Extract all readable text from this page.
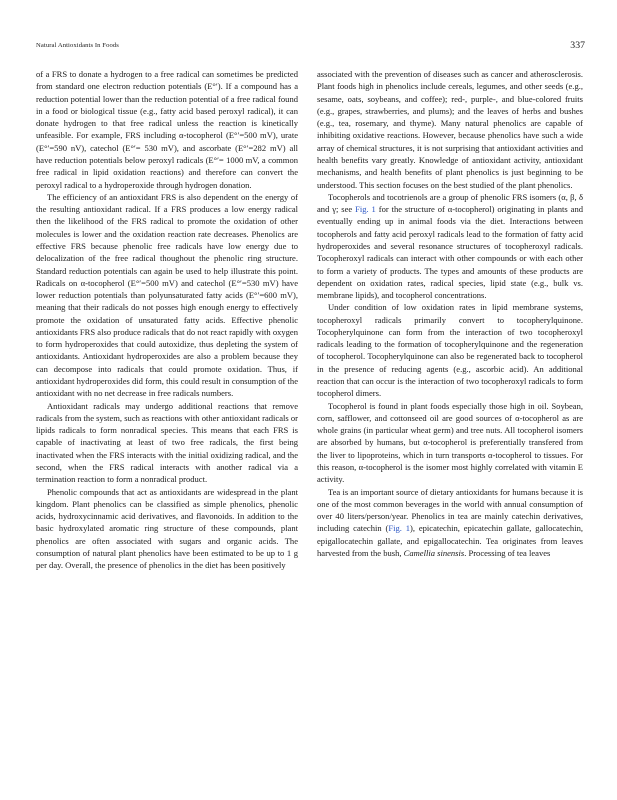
Natural Antioxidants In Foods	337

of a FRS to donate a hydrogen to a free radical can sometimes be predicted from standard one electron reduction potentials (E°′). If a compound has a reduction potential lower than the reduction potential of a free radical found in a food or biological tissue (e.g., fatty acid based peroxyl radical), it can donate hydrogen to that free radical unless the reaction is kinetically unfeasible. For example, FRS including α-tocopherol (E°′=500 mV), urate (E°′=590 nV), catechol (E°′= 530 mV), and ascorbate (E°′=282 mV) all have reduction potentials below peroxyl radicals (E°′= 1000 mV, a common free radical in lipid oxidation reactions) and therefore can convert the peroxyl radical to a hydroperoxide through hydrogen donation.

The efficiency of an antioxidant FRS is also dependent on the energy of the resulting antioxidant radical. If a FRS produces a low energy radical then the likelihood of the FRS radical to promote the oxidation of other molecules is lower and the oxidation reaction rate decreases. Phenolics are effective FRS because phenolic free radicals have low energy due to delocalization of the free radical thoughout the phenolic ring structure. Standard reduction potentials can again be used to help illustrate this point. Radicals on α-tocopherol (E°′=500 mV) and catechol (E°′=530 mV) have lower reduction potentials than polyunsaturated fatty acids (E°′=600 mV), meaning that their radicals do not posses high enough energy to effectively promote the oxidation of unsaturated fatty acids. Effective phenolic antioxidants FRS also produce radicals that do not react rapidly with oxygen to form hydroperoxides that could autoxidize, thus depleting the system of antioxidants. Antioxidant hydroperoxides are also a problem because they can decompose into radicals that could promote oxidation. Thus, if antioxidant hydroperoxides did form, this could result in consumption of the antioxidant with no net decrease in free radicals numbers.

Antioxidant radicals may undergo additional reactions that remove radicals from the system, such as reactions with other antioxidant radicals or lipids radicals to form nonradical species. This means that each FRS is capable of inactivating at least of two free radicals, the first being inactivated when the FRS interacts with the initial oxidizing radical, and the second, when the FRS radical interacts with another radical via a termination reaction to form a nonradical product.

Phenolic compounds that act as antioxidants are widespread in the plant kingdom. Plant phenolics can be classified as simple phenolics, phenolic acids, hydroxycinnamic acid derivatives, and flavonoids. In addition to the basic hydroxylated aromatic ring structure of these compounds, plant phenolics are often associated with sugars and organic acids. The consumption of natural plant phenolics have been estimated to be up to 1 g per day. Overall, the presence of phenolics in the diet has been positively

associated with the prevention of diseases such as cancer and atherosclerosis. Plant foods high in phenolics include cereals, legumes, and other seeds (e.g., sesame, oats, soybeans, and coffee); red-, purple-, and blue-colored fruits (e.g., grapes, strawberries, and plums); and the leaves of herbs and bushes (e.g., tea, rosemary, and thyme). Many natural phenolics are capable of inhibiting oxidative reactions. However, because phenolics have such a wide array of chemical structures, it is not surprising that antioxidant activities and health benefits vary greatly. Knowledge of antioxidant activity, antioxidant mechanisms, and health benefits of plant phenolics is just beginning to be understood. This section focuses on the best studied of the plant phenolics.

Tocopherols and tocotrienols are a group of phenolic FRS isomers (α, β, δ and γ; see Fig. 1 for the structure of α-tocopherol) originating in plants and eventually ending up in animal foods via the diet. Interactions between tocopherols and fatty acid peroxyl radicals lead to the formation of fatty acid hydroperoxides and several resonance structures of tocopheroxyl radicals. Tocopheroxyl radicals can interact with other compounds or with each other to form a variety of products. The types and amounts of these products are dependent on oxidation rates, radical species, lipid state (e.g., bulk vs. membrane lipids), and tocopherol concentrations.

Under condition of low oxidation rates in lipid membrane systems, tocopheroxyl radicals primarily convert to tocopherylquinone. Tocopherylquinone can form from the interaction of two tocopheroxyl radicals leading to the formation of tocopherylquinone and the regeneration of tocopherol. Tocopherylquinone can also be regenerated back to tocopherol in the presence of reducing agents (e.g., ascorbic acid). An additional reaction that can occur is the interaction of two tocopheroxyl radicals to form tocopherol dimers.

Tocopherol is found in plant foods especially those high in oil. Soybean, corn, safflower, and cottonseed oil are good sources of α-tocopherol as are whole grains (in particular wheat germ) and tree nuts. All tocopherol isomers are absorbed by humans, but α-tocopherol is preferentially transfered from the liver to lipoproteins, which in turn transports α-tocopherol to tissues. For this reason, α-tocopherol is the isomer most highly correlated with vitamin E activity.

Tea is an important source of dietary antioxidants for humans because it is one of the most common beverages in the world with annual consumption of over 40 liters/person/year. Phenolics in tea are mainly catechin derivatives, including catechin (Fig. 1), epicatechin, epicatechin gallate, gallocatechin, epigallocatechin gallate, and epigallocatechin. Tea originates from leaves harvested from the bush, Camellia sinensis. Processing of tea leaves
